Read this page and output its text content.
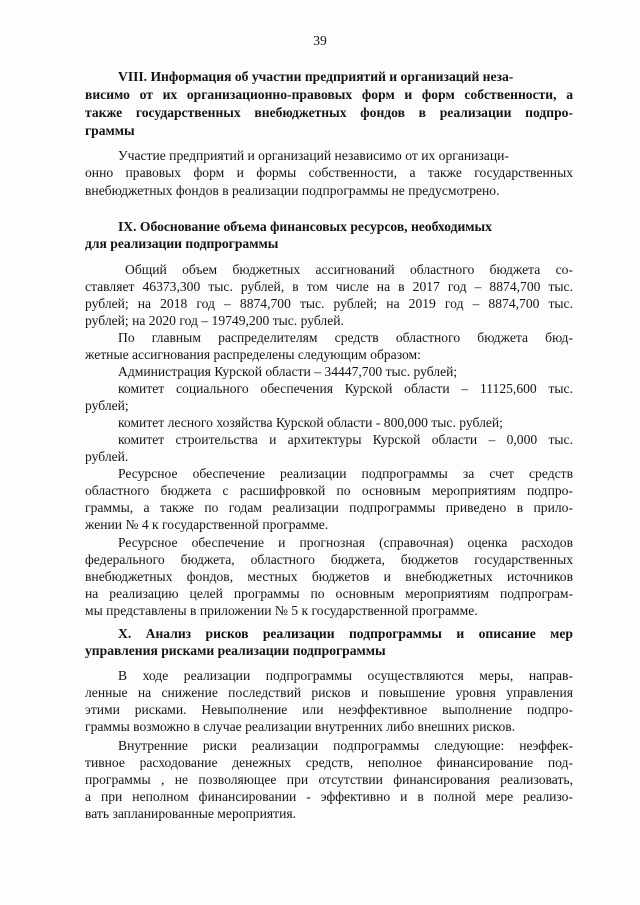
39
VIII. Информация об участии предприятий и организаций неза-
висимо от их организационно-правовых форм и форм собственности, а
также государственных внебюджетных фондов в реализации подпро-
граммы
Участие предприятий и организаций независимо от их организаци-
онно правовых форм и формы собственности, а также государственных
внебюджетных фондов в реализации подпрограммы не предусмотрено.
IX. Обоснование объема финансовых ресурсов, необходимых
для реализации подпрограммы
Общий объем бюджетных ассигнований областного бюджета со-
ставляет 46373,300 тыс. рублей, в том числе на в 2017 год – 8874,700 тыс.
рублей; на 2018 год – 8874,700 тыс. рублей; на 2019 год – 8874,700 тыс.
рублей; на 2020 год – 19749,200 тыс. рублей.
По главным распределителям средств областного бюджета бюд-
жетные ассигнования распределены следующим образом:
Администрация Курской области – 34447,700 тыс. рублей;
комитет социального обеспечения Курской области – 11125,600 тыс.
рублей;
комитет лесного хозяйства Курской области - 800,000 тыс. рублей;
комитет строительства и архитектуры Курской области – 0,000 тыс.
рублей.
Ресурсное обеспечение реализации подпрограммы за счет средств
областного бюджета с расшифровкой по основным мероприятиям подпро-
граммы, а также по годам реализации подпрограммы приведено в прило-
жении № 4 к государственной программе.
Ресурсное обеспечение и прогнозная (справочная) оценка расходов
федерального бюджета, областного бюджета, бюджетов государственных
внебюджетных фондов, местных бюджетов и внебюджетных источников
на реализацию целей программы по основным мероприятиям подпрограм-
мы представлены в приложении № 5 к государственной программе.
X. Анализ рисков реализации подпрограммы и описание мер
управления рисками реализации подпрограммы
В ходе реализации подпрограммы осуществляются меры, направ-
ленные на снижение последствий рисков и повышение уровня управления
этими рисками. Невыполнение или неэффективное выполнение подпро-
граммы возможно в случае реализации внутренних либо внешних рисков.
Внутренние риски реализации подпрограммы следующие: неэффек-
тивное расходование денежных средств, неполное финансирование под-
программы , не позволяющее при отсутствии финансирования реализовать,
а при неполном финансировании - эффективно и в полной мере реализо-
вать запланированные мероприятия.
